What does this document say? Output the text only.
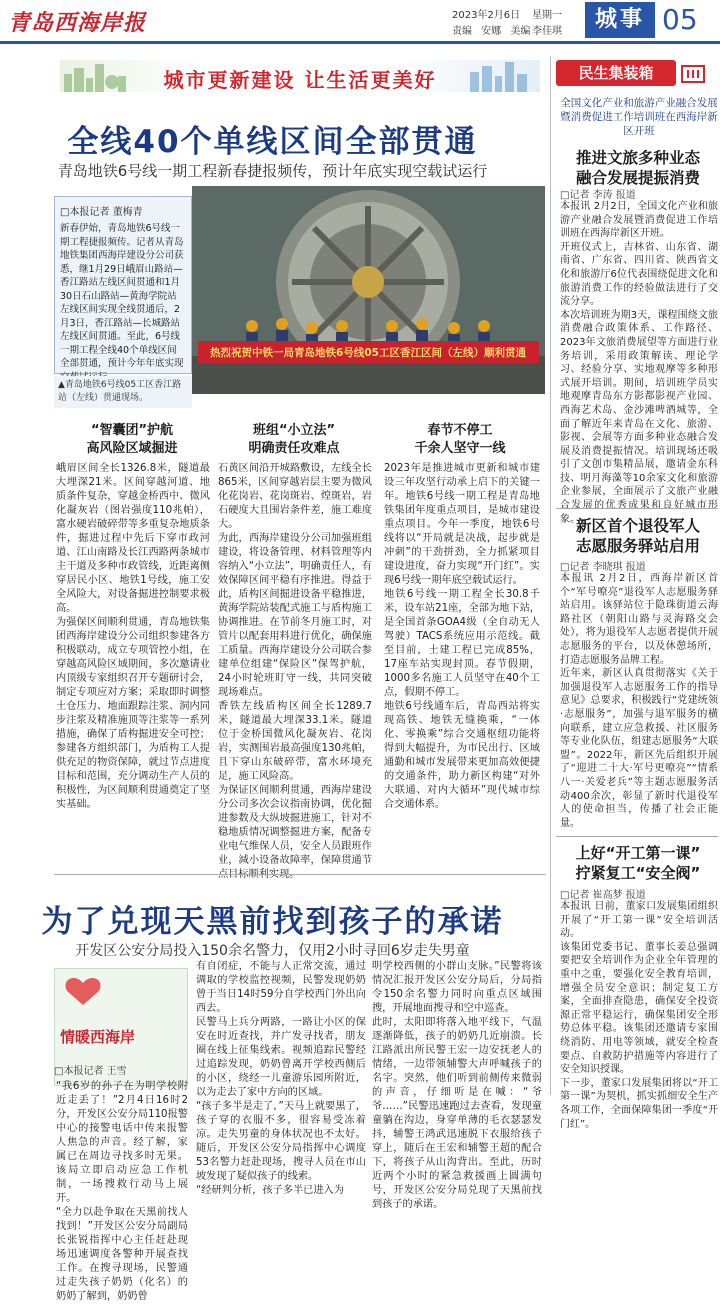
青岛西海岸报	2023年2月6日 星期一
责编 安娜 美编 李佳琪	城事 05
城市更新建设 让生活更美好
全线40个单线区间全部贯通
青岛地铁6号线一期工程新春捷报频传，预计年底实现空载试运行
□本报记者 董梅青
新春伊始，青岛地铁6号线一期工程捷报频传。记者从青岛地铁集团西海岸建设分公司获悉，继1月29日峨眉山路站—香江路站左线区间贯通和1月30日石山路站—黄海学院站左线区间实现全线贯通后，2月3日，香江路站—长城路站左线区间贯通。至此，6号线一期工程全线40个单线区间全部贯通，预计今年年底实现
▲青岛地铁6号线05工区香江路站（左线）贯通现场。
热烈祝贺中铁一局青岛地铁6号线05工区香江区间（左线）顺利贯通
“智囊团”护航
高风险区域掘进
峨眉区间全长1326.8米，隧道最大埋深21米。区间穿越河道、地质条件复杂，穿越金桥西中、微风化凝灰岩（图岩强度110兆帕），富水硬岩破碎带等多重复杂地质条件，掘进过程中先后下穿市政河道、江山南路及长江西路两条城市主干道及多种市政管线，近距离侧穿居民小区、地铁1号线，施工安全风险大，对设备掘进控制要求极高。
为强保区间顺利贯通，青岛地铁集团西海岸建设分公司组织参建各方积极联动，成立专项管控小组，在穿越高风险区域期间，多次邀请业内顶级专家组织召开专题研讨会，制定专项应对方案；采取即时调整土仓压力、地面跟踪注浆、洞内同步注浆及精准施顶等注浆等一系列措施，确保了盾构掘进安全可控；参建各方组织部门，为盾构工人提供充足的物资保障，就过节点进度目标和范围，充分调动生产人员的积极性，为区间顺利贯通奠定了坚实基础。
班组“小立法”
明确责任攻难点
石黄区间沿开城路敷设，左线全长865米，区间穿越岩层主要为微风化花岗岩、花岗斑岩、煌斑岩，岩石硬度大且围岩条件差，施工难度大。
为此，西海岸建设分公司加强班组建设，将设备管理、材料管理等内容纳入“小立法”，明确责任人，有效保障区间平稳有序推进。得益于此，盾构区间掘进设备平稳推进，黄海学院站装配式施工与盾构施工协调推进。在节前冬月施工时，对管片以配套用料进行优化，确保施工质量。西海岸建设分公司联合参建单位组建“保险区”保驾护航，24小时轮班盯守一线，共同突破现场难点。
香铁左线盾构区间全长1289.7米，隧道最大埋深33.1米。隧道位于金桥国微风化凝灰岩、花岗岩，实测围岩最高强度130兆帕，且下穿山东破碎带，富水环境充足，施工风险高。
为保证区间顺利贯通，西海岸建设分公司多次会议指南协调，优化掘进参数及大纵坡掘进施工，针对不稳地质情况调整掘进方案，配备专业电气维保人员，安全人员跟班作业，減小设备故障率，保障贯通节点目标顺利实现。
春节不停工
千余人坚守一线
2023年是推进城市更新和城市建设三年攻坚行动承上启下的关键一年。地铁6号线一期工程是青岛地铁集团年度重点项目，是城市建设重点项目。今年一季度，地铁6号线将以“开局就是决战，起步就是冲刺”的干劲拼劲，全力抓紧项目建设进度，奋力实现“开门红”。实现6号线一期年底空载试运行。
地铁6号线一期工程全长30.8千米，设车站21座，全部为地下站，是全国首条GOA4级（全自动无人驾驶）TACS系统应用示范线。截至目前，土建工程已完成85%，17座车站实现封顶。春节假期，1000多名施工人员坚守在40个工点，假期不停工。
地铁6号线通车后，青岛西站将实现高铁、地铁无缝换乘，“一体化、零换乘”综合交通枢纽功能将得到大幅提升，为市民出行、区域通勤和城市发展带来更加高效便捷的交通条件，助力新区构建“对外大联通、对内大循环”现代城市综合交通体系。
为了兑现天黑前找到孩子的承诺
开发区公安分局投入150余名警力，仅用2小时寻回6岁走失男童
情暖西海岸
□本报记者 王雪
“我6岁的孙子在为明学校附近走丢了！”2月4日16时2分，开发区公安分局110报警中心的接警电话中传来报警人焦急的声音。经了解，家属已在周边寻找多时无果。该局立即启动应急工作机制，一场搜救行动马上展开。
“全力以赴争取在天黑前找人找到！”开发区公安分局副局长张锐指挥中心主任赶赴现场迅速调度各警种开展查找工作。在搜寻现场，民警通过走失孩子奶奶（化名）的奶奶了解到，奶奶曾
有自闭症，不能与人正常交流，通过调取的学校监控视频，民警发现奶奶曾于当日14时59分自学校西门外出向西去。
民警马上兵分两路，一路让小区的保安在时近查找，并广发寻找者，朋友圈在线上征集线索。视频追踪民警经过追踪发现，奶奶曾离开学校西侧后的小区，绕经一儿童游乐园所附近，以为走去了家中方向的区域。
“孩子多半是走了，”天马上就要黑了，孩子穿的衣服不多，很容易受冻着凉。走失男童的身体状况也不太好。随后，开发区公安分局指挥中心调度53名警力赶赴现场，搜寻人员在市山坡发现了疑似孩子的线索。
“经研判分析，孩子多半已进入为
明学校西侧的小群山支脉。”民警将该情况汇报开发区公安分局后，分局指令150余名警力同时向重点区域围搜，开展地面搜寻和空中巡查。
此时，太阳即将落入地平线下，气温逐渐降低，孩子的奶奶几近崩溃。长江路派出所民警王宏一边安抚老人的情绪，一边带领辅警大声呼喊孩子的名字。突然，他们听到前侧传来微弱的声音，仔细听是在喊：“爷爷……”民警迅速跑过去查看，发现童童躺在沟边，身穿单薄的毛衣瑟瑟发抖，辅警王鸿武迅速脱下衣服给孩子穿上，随后在王宏和辅警王超的配合下，将孩子从山沟背出。至此，历时近两个小时的紧急救援画上圆满句号，开发区公安分局兑现了天黑前找到孩子的承诺。
民生集装箱
全国文化产业和旅游产业融合发展暨消费促进工作培训班在西海岸新区开班
推进文旅多种业态
融合发展提振消费
□记者 李涛 报道
本报讯 2月2日，全国文化产业和旅游产业融合发展暨消费促进工作培训班在西海岸新区开班。
开班仪式上，吉林省、山东省、湖南省、广东省、四川省、陕西省文化和旅游厅6位代表围绕促进文化和旅游消费工作的经验做法进行了交流分享。
本次培训班为期3天，课程围绕文旅消费融合政策体系、工作路径、2023年文旅消费展望等方面进行业务培训，采用政策解读、理论学习、经验分享、实地观摩等多种形式展开培训。期间，培训班学员实地观摩青岛东方影都影视产业园、西海艺术岛、金沙滩啤酒城等，全面了解近年来青岛在文化、旅游、影视、会展等方面多种业态融合发展及消费提振情况。培训现场还吸引了文创市集精品展，邀请金东科技、明月海藻等10余家文化和旅游企业参展，全面展示了文旅产业融合发展的优秀成果和良好城市形象。
新区首个退役军人
志愿服务驿站启用
□记者 李晓琪 报道
本报讯 2月2日，西海岸新区首个“军号嘹亮”退役军人志愿服务驿站启用。该驿站位于隐珠街道云海路社区（朝阳山路与灵海路交会处），将为退役军人志愿者提供开展志愿服务的平台，以及休憩场所，打造志愿服务品牌工程。
近年来，新区认真贯彻落实《关于加强退役军人志愿服务工作的指导意见》总要求，积极践行“党建统领·志愿服务”，加强与退军服务的横向联系，建立应急救援、社区服务等专业化队伍，组建志愿服务“大联盟”。2022年，新区先后组织开展了“迎进二十大·军号更嘹亮”“情系八一·关爱老兵”等主题志愿服务活动400余次，彰显了新时代退役军人的使命担当，传播了社会正能量。
上好“开工第一课”
拧紧复工“安全阀”
□记者 崔高梦 报道
本报讯 日前，董家口发展集团组织开展了“开工第一课”安全培训活动。
该集团党委书记、董事长姜总强调要把安全培训作为企业全年管理的重中之重，要强化安全教育培训，增强全员安全意识；制定复工方案，全面排查隐患，确保安全投资源正常平稳运行，确保集团安全形势总体平稳。该集团还邀请专家围绕消防、用电等领域，就安全检查要点、自救防护措施等内容进行了安全知识授课。
下一步，董家口发展集团将以“开工第一课”为契机，抓实抓细安全生产各项工作，全面保障集团一季度“开门红”。
